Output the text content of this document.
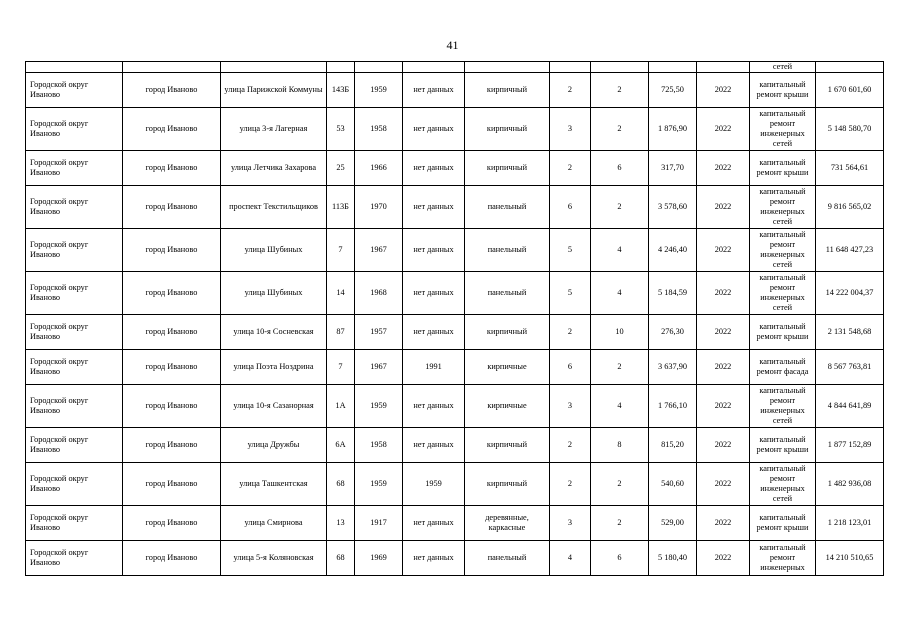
41
											сетей	
Городской округ Иваново	город Иваново	улица Парижской Коммуны	143Б	1959	нет данных	кирпичный	2	2	725,50	2022	капитальный ремонт крыши	1 670 601,60
Городской округ Иваново	город Иваново	улица 3-я Лагерная	53	1958	нет данных	кирпичный	3	2	1 876,90	2022	капитальный ремонт инженерных сетей	5 148 580,70
Городской округ Иваново	город Иваново	улица Летчика Захарова	25	1966	нет данных	кирпичный	2	6	317,70	2022	капитальный ремонт крыши	731 564,61
Городской округ Иваново	город Иваново	проспект Текстильщиков	113Б	1970	нет данных	панельный	6	2	3 578,60	2022	капитальный ремонт инженерных сетей	9 816 565,02
Городской округ Иваново	город Иваново	улица Шубиных	7	1967	нет данных	панельный	5	4	4 246,40	2022	капитальный ремонт инженерных сетей	11 648 427,23
Городской округ Иваново	город Иваново	улица Шубиных	14	1968	нет данных	панельный	5	4	5 184,59	2022	капитальный ремонт инженерных сетей	14 222 004,37
Городской округ Иваново	город Иваново	улица 10-я Сосневская	87	1957	нет данных	кирпичный	2	10	276,30	2022	капитальный ремонт крыши	2 131 548,68
Городской округ Иваново	город Иваново	улица Поэта Ноздрина	7	1967	1991	кирпичные	6	2	3 637,90	2022	капитальный ремонт фасада	8 567 763,81
Городской округ Иваново	город Иваново	улица 10-я Сазанорная	1А	1959	нет данных	кирпичные	3	4	1 766,10	2022	капитальный ремонт инженерных сетей	4 844 641,89
Городской округ Иваново	город Иваново	улица Дружбы	6А	1958	нет данных	кирпичный	2	8	815,20	2022	капитальный ремонт крыши	1 877 152,89
Городской округ Иваново	город Иваново	улица Ташкентская	68	1959	1959	кирпичный	2	2	540,60	2022	капитальный ремонт инженерных сетей	1 482 936,08
Городской округ Иваново	город Иваново	улица Смирнова	13	1917	нет данных	деревянные, каркасные	3	2	529,00	2022	капитальный ремонт крыши	1 218 123,01
Городской округ Иваново	город Иваново	улица 5-я Коляновская	68	1969	нет данных	панельный	4	6	5 180,40	2022	капитальный ремонт инженерных	14 210 510,65
